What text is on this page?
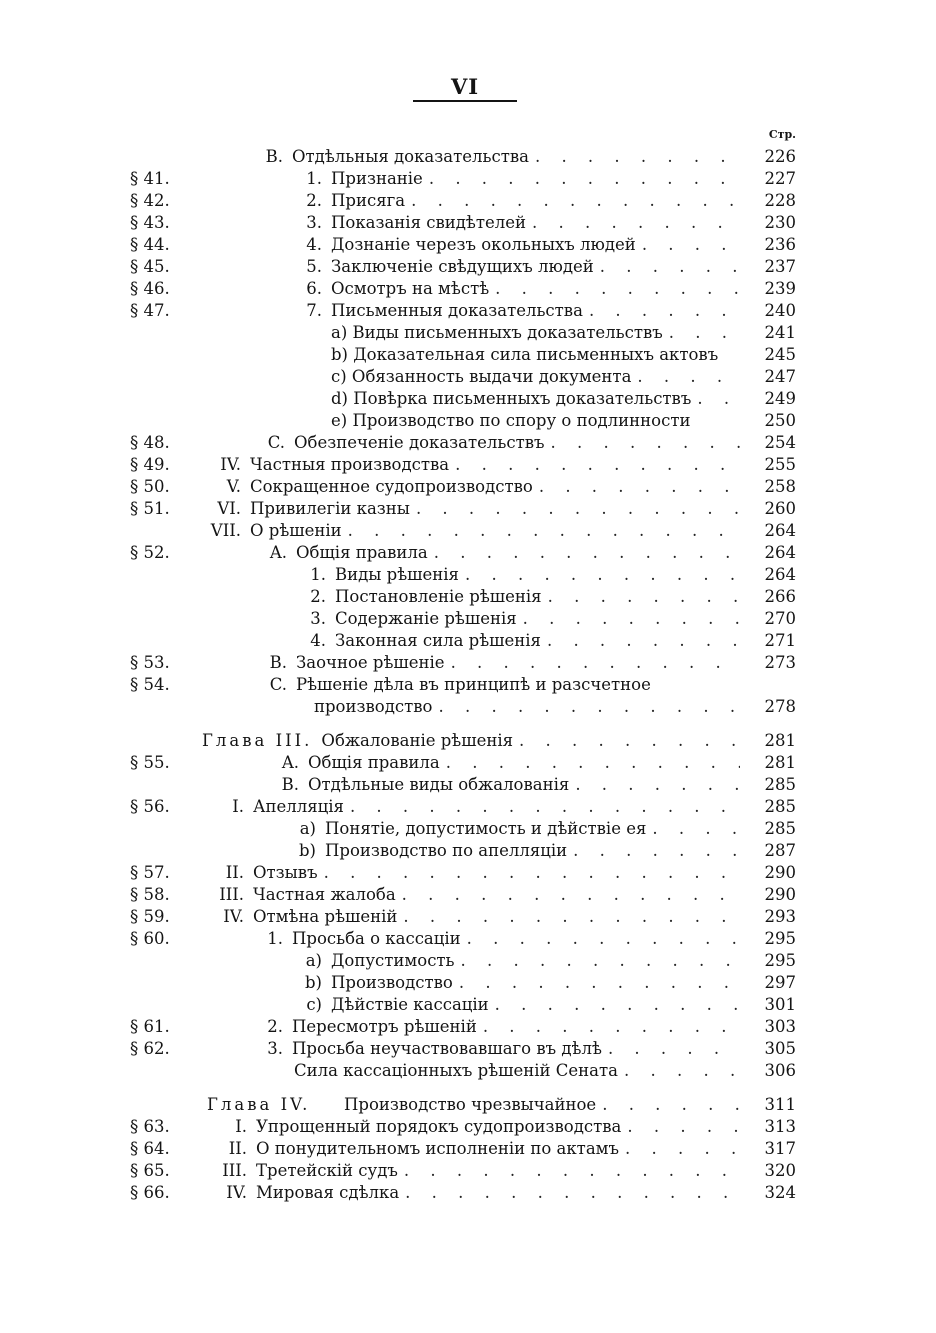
VI
Стр.
B. Отдѣльныя доказательства . . .	226
§ 41.	1. Признаніе . . .	227
§ 42.	2. Присяга . . .	228
§ 43.	3. Показанія свидѣтелей . . .	230
§ 44.	4. Дознаніе черезъ окольныхъ людей . . .	236
§ 45.	5. Заключеніе свѣдущихъ людей . . .	237
§ 46.	6. Осмотръ на мѣстѣ . . .	239
§ 47.	7. Письменныя доказательства . . .	240
a) Виды письменныхъ доказательствъ . . .	241
b) Доказательная сила письменныхъ актовъ	245
c) Обязанность выдачи документа . . .	247
d) Повѣрка письменныхъ доказательствъ . . .	249
e) Производство по спору о подлинности	250
§ 48.	C. Обезпеченіе доказательствъ . . .	254
§ 49.	IV. Частныя производства . . .	255
§ 50.	V. Сокращенное судопроизводство . . .	258
§ 51.	VI. Привилегіи казны . . .	260
VII. О рѣшеніи . . .	264
§ 52.	A. Общія правила . . .	264
1. Виды рѣшенія . . .	264
2. Постановленіе рѣшенія . . .	266
3. Содержаніе рѣшенія . . .	270
4. Законная сила рѣшенія . . .	271
§ 53.	B. Заочное рѣшеніе . . .	273
§ 54.	C. Рѣшеніе дѣла въ принципѣ и разсчетное
производство . . .	278
Глава III. Обжалованіе рѣшенія . . .	281
§ 55.	A. Общія правила . . .	281
B. Отдѣльные виды обжалованія . . .	285
§ 56.	I. Апелляція . . .	285
a) Понятіе, допустимость и дѣйствіе ея . . .	285
b) Производство по апелляціи . . .	287
§ 57.	II. Отзывъ . . .	290
§ 58.	III. Частная жалоба . . .	290
§ 59.	IV. Отмѣна рѣшеній . . .	293
§ 60.	1. Просьба о кассаціи . . .	295
a) Допустимость . . .	295
b) Производство . . .	297
c) Дѣйствіе кассаціи . . .	301
§ 61.	2. Пересмотръ рѣшеній . . .	303
§ 62.	3. Просьба неучаствовавшаго въ дѣлѣ . . .	305
Сила кассаціонныхъ рѣшеній Сената . . .	306
Глава IV.	Производство чрезвычайное . . .	311
§ 63.	I. Упрощенный порядокъ судопроизводства . . .	313
§ 64.	II. О понудительномъ исполненіи по актамъ . . .	317
§ 65.	III. Третейскій судъ . . .	320
§ 66.	IV. Мировая сдѣлка . . .	324
